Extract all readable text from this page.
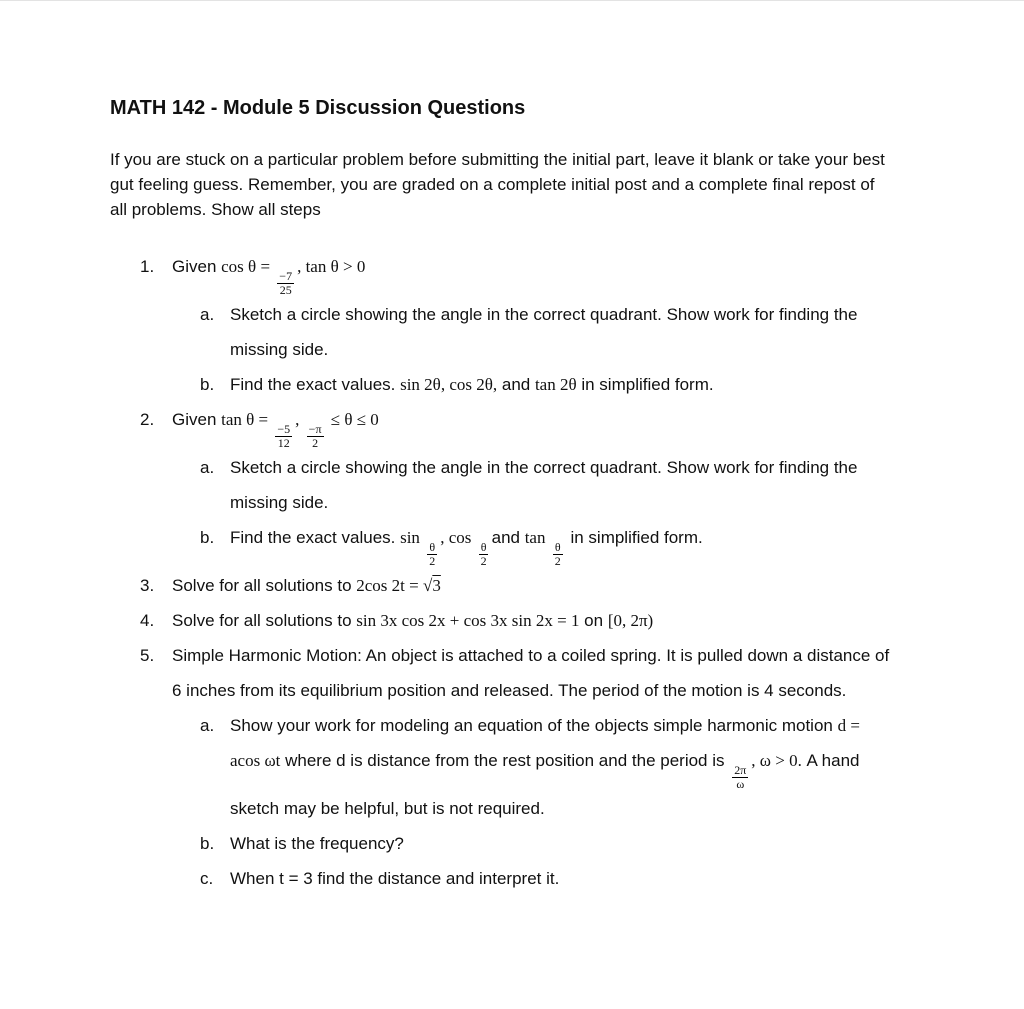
MATH 142 - Module 5 Discussion Questions

If you are stuck on a particular problem before submitting the initial part, leave it blank or take your best gut feeling guess. Remember, you are graded on a complete initial post and a complete final repost of all problems. Show all steps

1.	Given cos θ =
$\frac{-7}{25}$
, tan θ > 0
a. Sketch a circle showing the angle in the correct quadrant. Show work for finding the missing side.
b. Find the exact values. sin 2θ, cos 2θ, and tan 2θ in simplified form.
2.	Given tan θ =
$\frac{-5}{12}$
,
$\frac{-\pi}{2}$
≤ θ ≤ 0
a. Sketch a circle showing the angle in the correct quadrant. Show work for finding the missing side.
b. Find the exact values. sin
$\frac{\theta}{2}$
, cos
$\frac{\theta}{2}$
and tan
$\frac{\theta}{2}$
in simplified form.
3.	Solve for all solutions to 2cos 2t = √3
4.	Solve for all solutions to sin 3x cos 2x + cos 3x sin 2x = 1 on [0, 2π)
5.	Simple Harmonic Motion: An object is attached to a coiled spring. It is pulled down a distance of 6 inches from its equilibrium position and released. The period of the motion is 4 seconds.
a. Show your work for modeling an equation of the objects simple harmonic motion d = acos ωt where d is distance from the rest position and the period is
$\frac{2\pi}{\omega}$
, ω > 0. A hand sketch may be helpful, but is not required.
b. What is the frequency?
c. When t = 3 find the distance and interpret it.
